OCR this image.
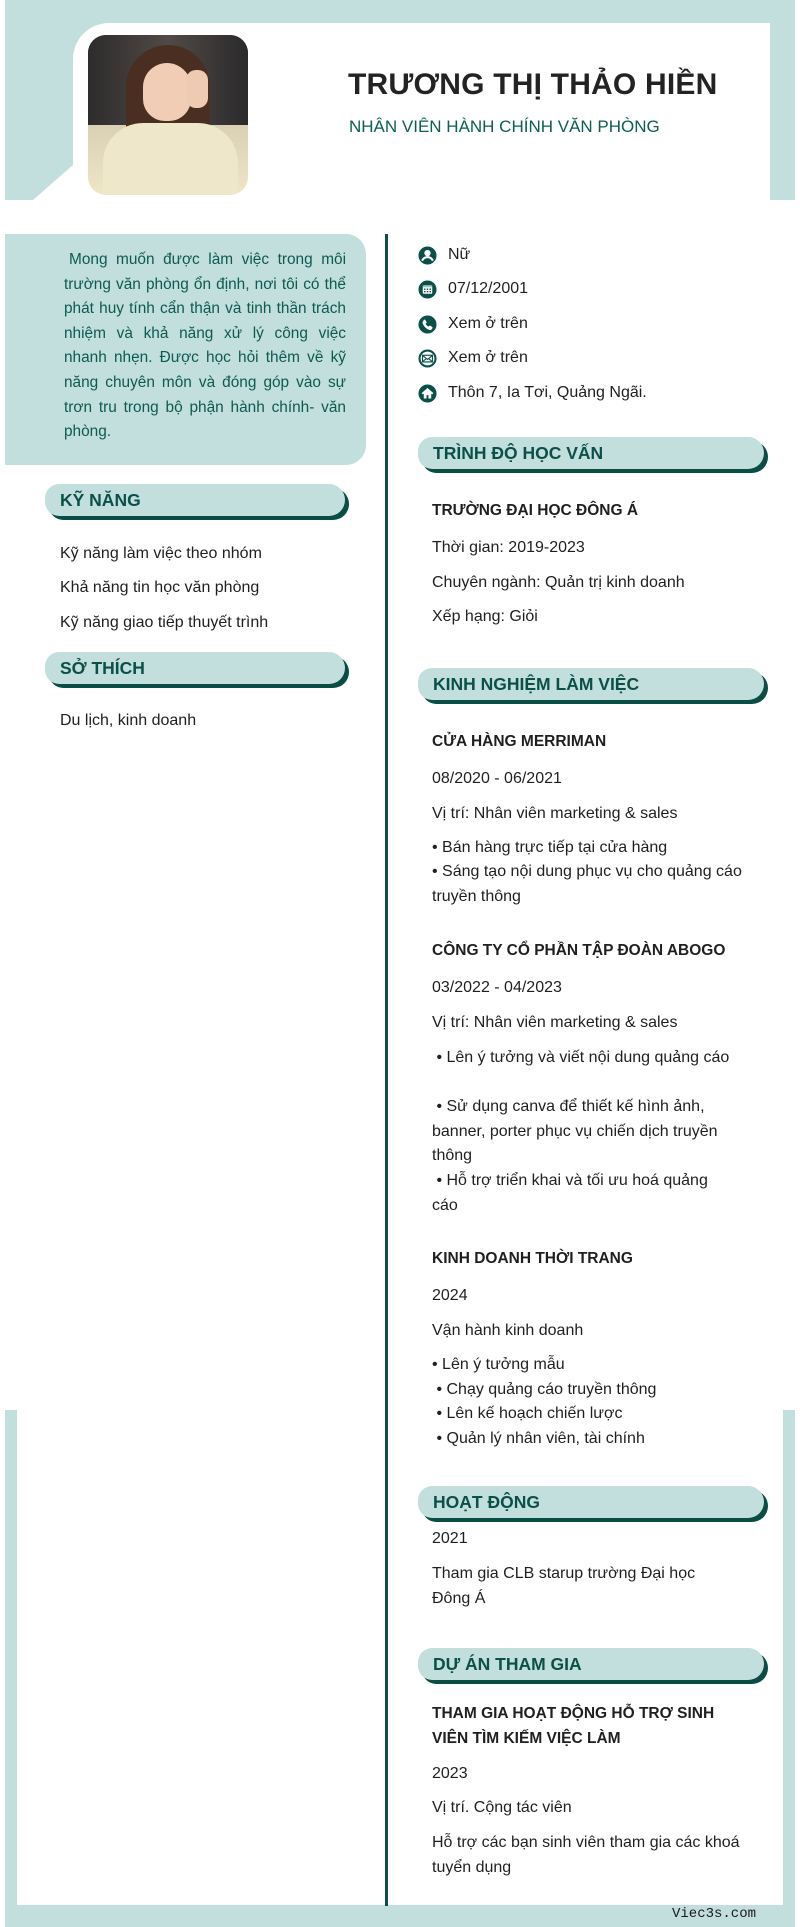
TRƯƠNG THỊ THẢO HIỀN
NHÂN VIÊN HÀNH CHÍNH VĂN PHÒNG
Viec3s.com

Mong muốn được làm việc trong môi trường văn phòng ổn định, nơi tôi có thể phát huy tính cẩn thận và tinh thần trách nhiệm và khả năng xử lý công việc nhanh nhẹn. Được học hỏi thêm về kỹ năng chuyên môn và đóng góp vào sự trơn tru trong bộ phận hành chính- văn phòng.

KỸ NĂNG
Kỹ năng làm việc theo nhóm
Khả năng tin học văn phòng
Kỹ năng giao tiếp thuyết trình
SỞ THÍCH
Du lịch, kinh doanh
Nữ
07/12/2001
Xem ở trên
Xem ở trên
Thôn 7, Ia Tơi, Quảng Ngãi.
TRÌNH ĐỘ HỌC VẤN
TRƯỜNG ĐẠI HỌC ĐÔNG Á
Thời gian: 2019-2023
Chuyên ngành: Quản trị kinh doanh
Xếp hạng: Giỏi
KINH NGHIỆM LÀM VIỆC
CỬA HÀNG MERRIMAN
08/2020 - 06/2021
Vị trí: Nhân viên marketing & sales
• Bán hàng trực tiếp tại cửa hàng
• Sáng tạo nội dung phục vụ cho quảng cáo truyền thông
CÔNG TY CỔ PHẦN TẬP ĐOÀN ABOGO
03/2022 - 04/2023
Vị trí: Nhân viên marketing & sales
• Lên ý tưởng và viết nội dung quảng cáo
• Sử dụng canva để thiết kế hình ảnh, banner, porter phục vụ chiến dịch truyền thông
• Hỗ trợ triển khai và tối ưu hoá quảng cáo
KINH DOANH THỜI TRANG
2024
Vận hành kinh doanh
• Lên ý tưởng mẫu
• Chạy quảng cáo truyền thông
• Lên kế hoạch chiến lược
• Quản lý nhân viên, tài chính
HOẠT ĐỘNG
2021
Tham gia CLB starup trường Đại học Đông Á
DỰ ÁN THAM GIA
THAM GIA HOẠT ĐỘNG HỖ TRỢ SINH VIÊN TÌM KIẾM VIỆC LÀM
2023
Vị trí. Cộng tác viên
Hỗ trợ các bạn sinh viên tham gia các khoá tuyển dụng
